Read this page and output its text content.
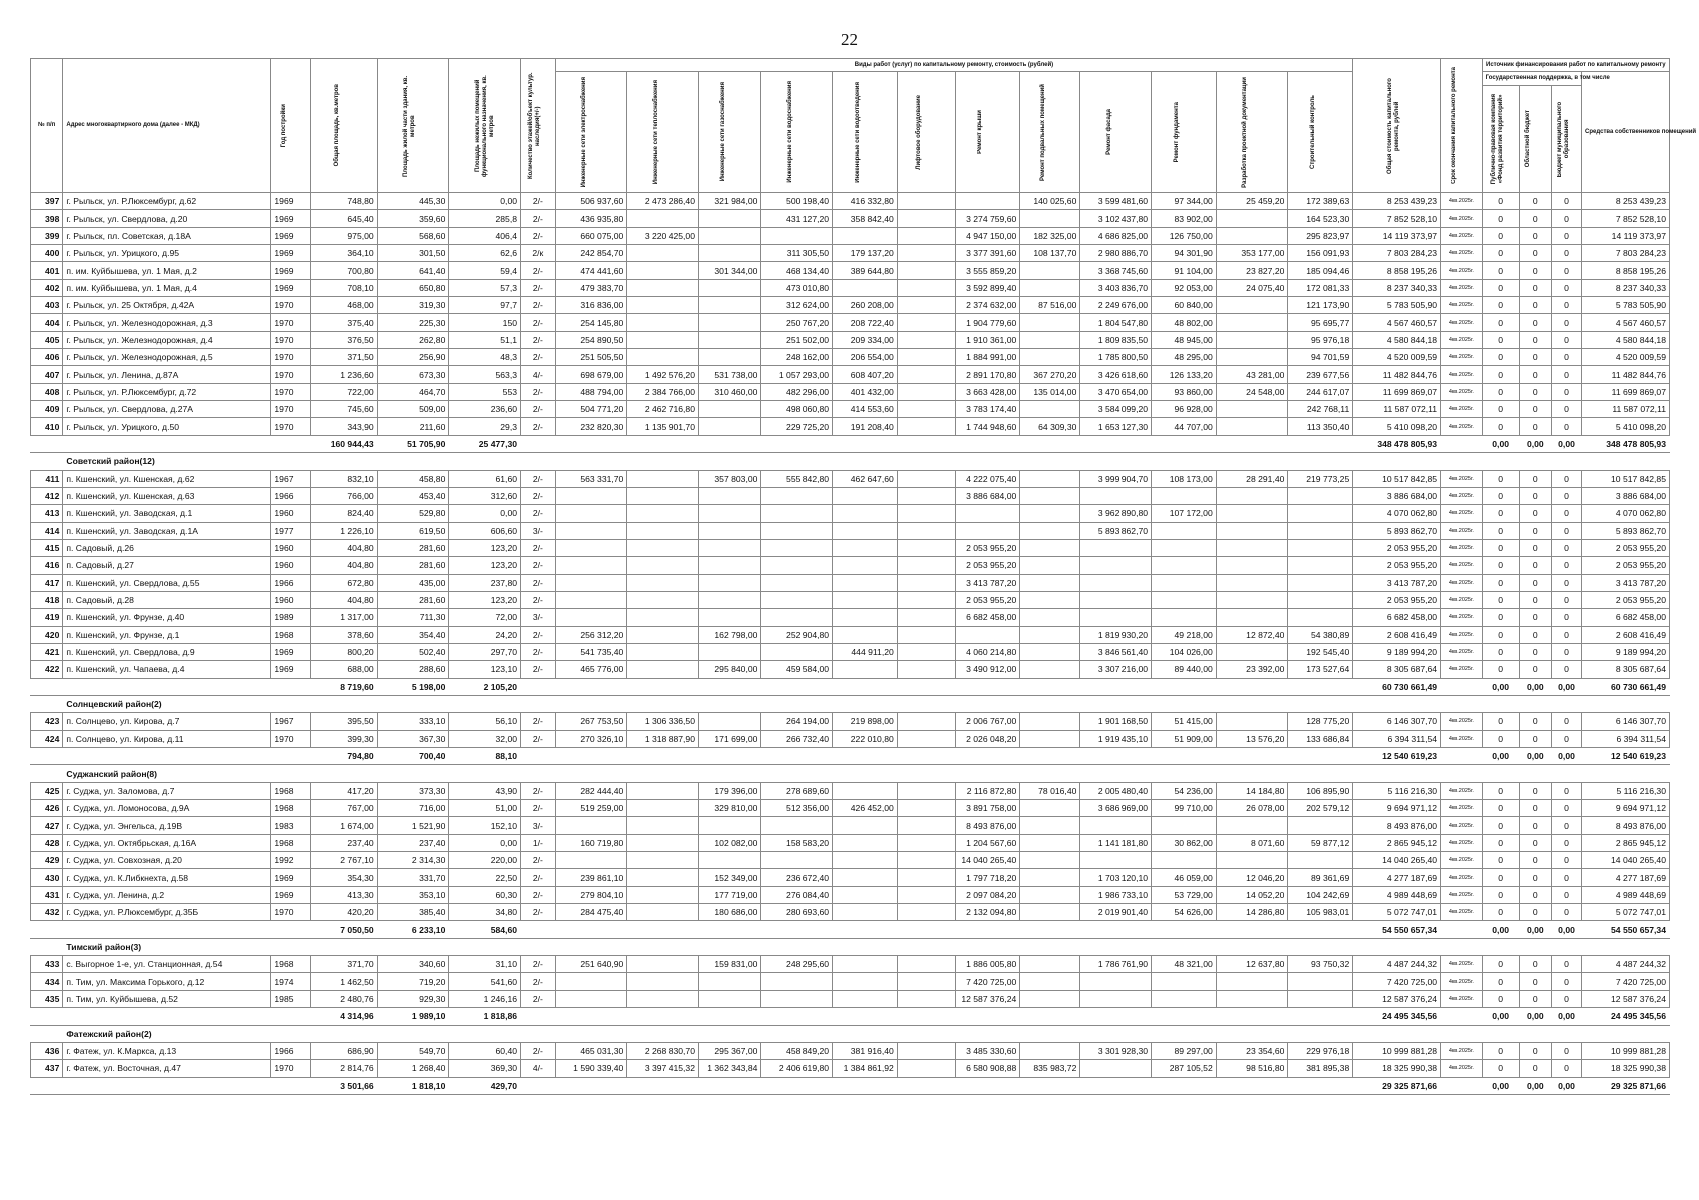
22
№ п/п	Адрес многоквартирного дома (далее - МКД)	Год постройки	Общая площадь, кв.метров	Площадь жилой части здания, кв. метров	Площадь нежилых помещений функционального назначения, кв. метров	Количество этажей/объект культур. наследия(+/-)	Виды работ (услуг) по капитальному ремонту, стоимость (рублей)												Общая стоимость капитального ремонта, рублей	Срок окончания капитального ремонта	Источник финансирования работ по капитальному ремонту			

							Инженерные сети электроснабжения	Инженерные сети теплоснабжения	Инженерные сети газоснабжения	Инженерные сети водоснабжения	Инженерные сети водоотведения	Лифтовое оборудование	Ремонт крыши	Ремонт подвальных помещений	Ремонт фасада	Ремонт фундамента	Разработка проектной документации	Строительный контроль			Государственная поддержка, в том числе			Средства собственников помещений

																					Публично-правовая компания «Фонд развития территорий»	Областной бюджет	Бюджет муниципального образования	

397	г. Рыльск, ул. Р.Люксембург, д.62	1969	748,80	445,30	0,00	2/-	506 937,60	2 473 286,40	321 984,00	500 198,40	416 332,80			140 025,60	3 599 481,60	97 344,00	25 459,20	172 389,63	8 253 439,23	4кв.2025г.	0	0	0	8 253 439,23
398	г. Рыльск, ул. Свердлова, д.20	1969	645,40	359,60	285,8	2/-	436 935,80			431 127,20	358 842,40		3 274 759,60		3 102 437,80	83 902,00		164 523,30	7 852 528,10	4кв.2025г.	0	0	0	7 852 528,10
399	г. Рыльск, пл. Советская, д.18А	1969	975,00	568,60	406,4	2/-	660 075,00	3 220 425,00					4 947 150,00	182 325,00	4 686 825,00	126 750,00		295 823,97	14 119 373,97	4кв.2025г.	0	0	0	14 119 373,97
400	г. Рыльск, ул. Урицкого, д.95	1969	364,10	301,50	62,6	2/к	242 854,70			311 305,50	179 137,20		3 377 391,60	108 137,70	2 980 886,70	94 301,90	353 177,00	156 091,93	7 803 284,23	4кв.2025г.	0	0	0	7 803 284,23
401	п. им. Куйбышева, ул. 1 Мая, д.2	1969	700,80	641,40	59,4	2/-	474 441,60		301 344,00	468 134,40	389 644,80		3 555 859,20		3 368 745,60	91 104,00	23 827,20	185 094,46	8 858 195,26	4кв.2025г.	0	0	0	8 858 195,26
402	п. им. Куйбышева, ул. 1 Мая, д.4	1969	708,10	650,80	57,3	2/-	479 383,70			473 010,80			3 592 899,40		3 403 836,70	92 053,00	24 075,40	172 081,33	8 237 340,33	4кв.2025г.	0	0	0	8 237 340,33
403	г. Рыльск, ул. 25 Октября, д.42А	1970	468,00	319,30	97,7	2/-	316 836,00			312 624,00	260 208,00		2 374 632,00	87 516,00	2 249 676,00	60 840,00		121 173,90	5 783 505,90	4кв.2025г.	0	0	0	5 783 505,90
404	г. Рыльск, ул. Железнодорожная, д.3	1970	375,40	225,30	150	2/-	254 145,80			250 767,20	208 722,40		1 904 779,60		1 804 547,80	48 802,00		95 695,77	4 567 460,57	4кв.2025г.	0	0	0	4 567 460,57
405	г. Рыльск, ул. Железнодорожная, д.4	1970	376,50	262,80	51,1	2/-	254 890,50			251 502,00	209 334,00		1 910 361,00		1 809 835,50	48 945,00		95 976,18	4 580 844,18	4кв.2025г.	0	0	0	4 580 844,18
406	г. Рыльск, ул. Железнодорожная, д.5	1970	371,50	256,90	48,3	2/-	251 505,50			248 162,00	206 554,00		1 884 991,00		1 785 800,50	48 295,00		94 701,59	4 520 009,59	4кв.2025г.	0	0	0	4 520 009,59
407	г. Рыльск, ул. Ленина, д.87А	1970	1 236,60	673,30	563,3	4/-	698 679,00	1 492 576,20	531 738,00	1 057 293,00	608 407,20		2 891 170,80	367 270,20	3 426 618,60	126 133,20	43 281,00	239 677,56	11 482 844,76	4кв.2025г.	0	0	0	11 482 844,76
408	г. Рыльск, ул. Р.Люксембург, д.72	1970	722,00	464,70	553	2/-	488 794,00	2 384 766,00	310 460,00	482 296,00	401 432,00		3 663 428,00	135 014,00	3 470 654,00	93 860,00	24 548,00	244 617,07	11 699 869,07	4кв.2025г.	0	0	0	11 699 869,07
409	г. Рыльск, ул. Свердлова, д.27А	1970	745,60	509,00	236,60	2/-	504 771,20	2 462 716,80		498 060,80	414 553,60		3 783 174,40		3 584 099,20	96 928,00		242 768,11	11 587 072,11	4кв.2025г.	0	0	0	11 587 072,11
410	г. Рыльск, ул. Урицкого, д.50	1970	343,90	211,60	29,3	2/-	232 820,30	1 135 901,70		229 725,20	191 208,40		1 744 948,60	64 309,30	1 653 127,30	44 707,00		113 350,40	5 410 098,20	4кв.2025г.	0	0	0	5 410 098,20
			160 944,43	51 705,90	25 477,30														348 478 805,93		0,00	0,00	0,00	348 478 805,93
	Советский район(12)																							
411	п. Кшенский, ул. Кшенская, д.62	1967	832,10	458,80	61,60	2/-	563 331,70		357 803,00	555 842,80	462 647,60		4 222 075,40		3 999 904,70	108 173,00	28 291,40	219 773,25	10 517 842,85	4кв.2025г.	0	0	0	10 517 842,85
412	п. Кшенский, ул. Кшенская, д.63	1966	766,00	453,40	312,60	2/-							3 886 684,00						3 886 684,00	4кв.2025г.	0	0	0	3 886 684,00
413	п. Кшенский, ул. Заводская, д.1	1960	824,40	529,80	0,00	2/-									3 962 890,80	107 172,00			4 070 062,80	4кв.2025г.	0	0	0	4 070 062,80
414	п. Кшенский, ул. Заводская, д.1А	1977	1 226,10	619,50	606,60	3/-									5 893 862,70				5 893 862,70	4кв.2025г.	0	0	0	5 893 862,70
415	п. Садовый, д.26	1960	404,80	281,60	123,20	2/-							2 053 955,20						2 053 955,20	4кв.2025г.	0	0	0	2 053 955,20
416	п. Садовый, д.27	1960	404,80	281,60	123,20	2/-							2 053 955,20						2 053 955,20	4кв.2025г.	0	0	0	2 053 955,20
417	п. Кшенский, ул. Свердлова, д.55	1966	672,80	435,00	237,80	2/-							3 413 787,20						3 413 787,20	4кв.2025г.	0	0	0	3 413 787,20
418	п. Садовый, д.28	1960	404,80	281,60	123,20	2/-							2 053 955,20						2 053 955,20	4кв.2025г.	0	0	0	2 053 955,20
419	п. Кшенский, ул. Фрунзе, д.40	1989	1 317,00	711,30	72,00	3/-							6 682 458,00						6 682 458,00	4кв.2025г.	0	0	0	6 682 458,00
420	п. Кшенский, ул. Фрунзе, д.1	1968	378,60	354,40	24,20	2/-	256 312,20		162 798,00	252 904,80					1 819 930,20	49 218,00	12 872,40	54 380,89	2 608 416,49	4кв.2025г.	0	0	0	2 608 416,49
421	п. Кшенский, ул. Свердлова, д.9	1969	800,20	502,40	297,70	2/-	541 735,40				444 911,20		4 060 214,80		3 846 561,40	104 026,00		192 545,40	9 189 994,20	4кв.2025г.	0	0	0	9 189 994,20
422	п. Кшенский, ул. Чапаева, д.4	1969	688,00	288,60	123,10	2/-	465 776,00		295 840,00	459 584,00			3 490 912,00		3 307 216,00	89 440,00	23 392,00	173 527,64	8 305 687,64	4кв.2025г.	0	0	0	8 305 687,64
			8 719,60	5 198,00	2 105,20														60 730 661,49		0,00	0,00	0,00	60 730 661,49
	Солнцевский район(2)																							
423	п. Солнцево, ул. Кирова, д.7	1967	395,50	333,10	56,10	2/-	267 753,50	1 306 336,50		264 194,00	219 898,00		2 006 767,00		1 901 168,50	51 415,00		128 775,20	6 146 307,70	4кв.2025г.	0	0	0	6 146 307,70
424	п. Солнцево, ул. Кирова, д.11	1970	399,30	367,30	32,00	2/-	270 326,10	1 318 887,90	171 699,00	266 732,40	222 010,80		2 026 048,20		1 919 435,10	51 909,00	13 576,20	133 686,84	6 394 311,54	4кв.2025г.	0	0	0	6 394 311,54
			794,80	700,40	88,10														12 540 619,23		0,00	0,00	0,00	12 540 619,23
	Суджанский район(8)																							
425	г. Суджа, ул. Заломова, д.7	1968	417,20	373,30	43,90	2/-	282 444,40		179 396,00	278 689,60			2 116 872,80	78 016,40	2 005 480,40	54 236,00	14 184,80	106 895,90	5 116 216,30	4кв.2025г.	0	0	0	5 116 216,30
426	г. Суджа, ул. Ломоносова, д.9А	1968	767,00	716,00	51,00	2/-	519 259,00		329 810,00	512 356,00	426 452,00		3 891 758,00		3 686 969,00	99 710,00	26 078,00	202 579,12	9 694 971,12	4кв.2025г.	0	0	0	9 694 971,12
427	г. Суджа, ул. Энгельса, д.19В	1983	1 674,00	1 521,90	152,10	3/-							8 493 876,00						8 493 876,00	4кв.2025г.	0	0	0	8 493 876,00
428	г. Суджа, ул. Октябрьская, д.16А	1968	237,40	237,40	0,00	1/-	160 719,80		102 082,00	158 583,20			1 204 567,60		1 141 181,80	30 862,00	8 071,60	59 877,12	2 865 945,12	4кв.2025г.	0	0	0	2 865 945,12
429	г. Суджа, ул. Совхозная, д.20	1992	2 767,10	2 314,30	220,00	2/-							14 040 265,40						14 040 265,40	4кв.2025г.	0	0	0	14 040 265,40
430	г. Суджа, ул. К.Либкнехта, д.58	1969	354,30	331,70	22,50	2/-	239 861,10		152 349,00	236 672,40			1 797 718,20		1 703 120,10	46 059,00	12 046,20	89 361,69	4 277 187,69	4кв.2025г.	0	0	0	4 277 187,69
431	г. Суджа, ул. Ленина, д.2	1969	413,30	353,10	60,30	2/-	279 804,10		177 719,00	276 084,40			2 097 084,20		1 986 733,10	53 729,00	14 052,20	104 242,69	4 989 448,69	4кв.2025г.	0	0	0	4 989 448,69
432	г. Суджа, ул. Р.Люксембург, д.35Б	1970	420,20	385,40	34,80	2/-	284 475,40		180 686,00	280 693,60			2 132 094,80		2 019 901,40	54 626,00	14 286,80	105 983,01	5 072 747,01	4кв.2025г.	0	0	0	5 072 747,01
			7 050,50	6 233,10	584,60														54 550 657,34		0,00	0,00	0,00	54 550 657,34
	Тимский район(3)																							
433	с. Выгорное 1-е, ул. Станционная, д.54	1968	371,70	340,60	31,10	2/-	251 640,90		159 831,00	248 295,60			1 886 005,80		1 786 761,90	48 321,00	12 637,80	93 750,32	4 487 244,32	4кв.2025г.	0	0	0	4 487 244,32
434	п. Тим, ул. Максима Горького, д.12	1974	1 462,50	719,20	541,60	2/-							7 420 725,00						7 420 725,00	4кв.2025г.	0	0	0	7 420 725,00
435	п. Тим, ул. Куйбышева, д.52	1985	2 480,76	929,30	1 246,16	2/-							12 587 376,24						12 587 376,24	4кв.2025г.	0	0	0	12 587 376,24
			4 314,96	1 989,10	1 818,86														24 495 345,56		0,00	0,00	0,00	24 495 345,56
	Фатежский район(2)																							
436	г. Фатеж, ул. К.Маркса, д.13	1966	686,90	549,70	60,40	2/-	465 031,30	2 268 830,70	295 367,00	458 849,20	381 916,40		3 485 330,60		3 301 928,30	89 297,00	23 354,60	229 976,18	10 999 881,28	4кв.2025г.	0	0	0	10 999 881,28
437	г. Фатеж, ул. Восточная, д.47	1970	2 814,76	1 268,40	369,30	4/-	1 590 339,40	3 397 415,32	1 362 343,84	2 406 619,80	1 384 861,92		6 580 908,88	835 983,72		287 105,52	98 516,80	381 895,38	18 325 990,38	4кв.2025г.	0	0	0	18 325 990,38
			3 501,66	1 818,10	429,70														29 325 871,66		0,00	0,00	0,00	29 325 871,66
